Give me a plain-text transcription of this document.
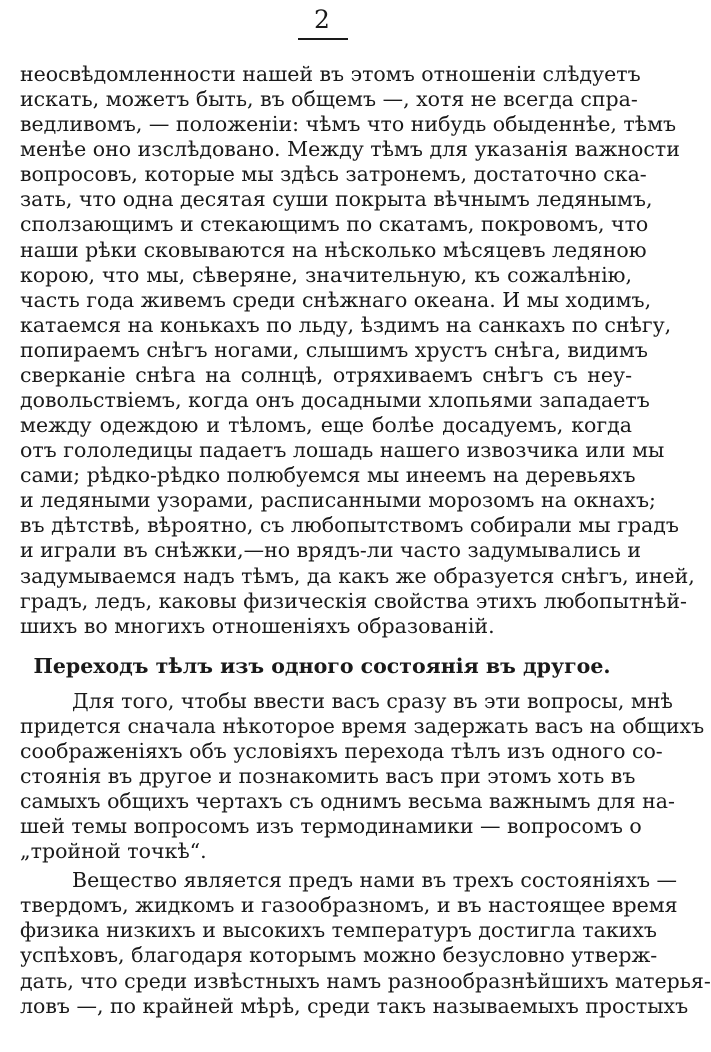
2
неосвѣдомленности нашей въ этомъ отношеніи слѣдуетъ
искать, можетъ быть, въ общемъ —, хотя не всегда спра-
ведливомъ, — положеніи: чѣмъ что нибудь обыденнѣе, тѣмъ
менѣе оно изслѣдовано. Между тѣмъ для указанія важности
вопросовъ, которые мы здѣсь затронемъ, достаточно ска-
зать, что одна десятая суши покрыта вѣчнымъ ледянымъ,
сползающимъ и стекающимъ по скатамъ, покровомъ, что
наши рѣки сковываются на нѣсколько мѣсяцевъ ледяною
корою, что мы, сѣверяне, значительную, къ сожалѣнію,
часть года живемъ среди снѣжнаго океана. И мы ходимъ,
катаемся на конькахъ по льду, ѣздимъ на санкахъ по снѣгу,
попираемъ снѣгъ ногами, слышимъ хрустъ снѣга, видимъ
сверканіе снѣга на солнцѣ, отряхиваемъ снѣгъ съ неу-
довольствіемъ, когда онъ досадными хлопьями западаетъ
между одеждою и тѣломъ, еще болѣе досадуемъ, когда
отъ гололедицы падаетъ лошадь нашего извозчика или мы
сами; рѣдко-рѣдко полюбуемся мы инеемъ на деревьяхъ
и ледяными узорами, расписанными морозомъ на окнахъ;
въ дѣтствѣ, вѣроятно, съ любопытствомъ собирали мы градъ
и играли въ снѣжки,—но врядъ-ли часто задумывались и
задумываемся надъ тѣмъ, да какъ же образуется снѣгъ, иней,
градъ, ледъ, каковы физическія свойства этихъ любопытнѣй-
шихъ во многихъ отношеніяхъ образованій.
Переходъ тѣлъ изъ одного состоянія въ другое.
Для того, чтобы ввести васъ сразу въ эти вопросы, мнѣ
придется сначала нѣкоторое время задержать васъ на общихъ
соображеніяхъ объ условіяхъ перехода тѣлъ изъ одного со-
стоянія въ другое и познакомить васъ при этомъ хоть въ
самыхъ общихъ чертахъ съ однимъ весьма важнымъ для на-
шей темы вопросомъ изъ термодинамики — вопросомъ о
„тройной точкѣ“.
Вещество является предъ нами въ трехъ состояніяхъ —
твердомъ, жидкомъ и газообразномъ, и въ настоящее время
физика низкихъ и высокихъ температуръ достигла такихъ
успѣховъ, благодаря которымъ можно безусловно утверж-
дать, что среди извѣстныхъ намъ разнообразнѣйшихъ матерья-
ловъ —, по крайней мѣрѣ, среди такъ называемыхъ простыхъ
